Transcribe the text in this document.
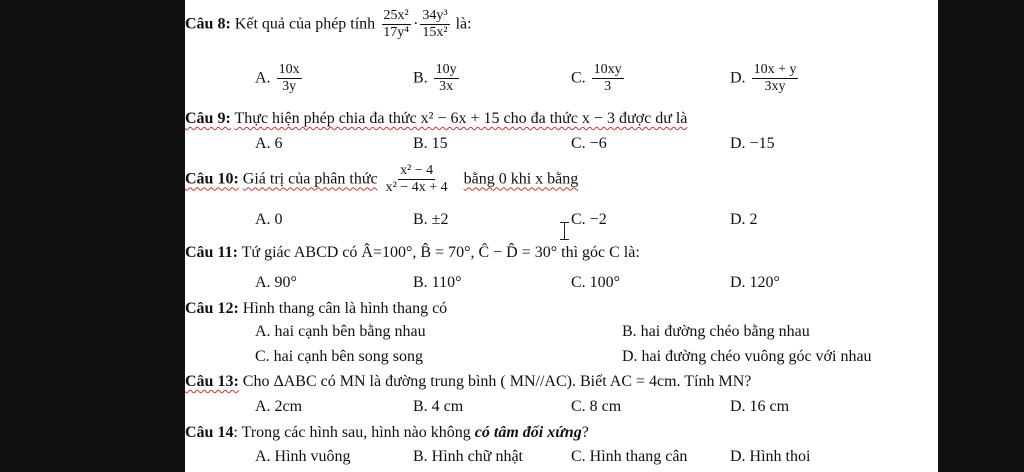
Câu 8: Kết quả của phép tính $\frac{\text{25x²}}{\text{17y⁴}} \cdot \frac{\text{34y³}}{\text{15x²}}$ là:
A. $\frac{10x}{3y}$	B. $\frac{10y}{3x}$	C. $\frac{10xy}{3}$	D. $\frac{10x + y}{3xy}$
Câu 9: Thực hiện phép chia đa thức x² − 6x + 15 cho đa thức x − 3 được dư là
A. 6	B. 15	C. −6	D. −15
Câu 10: Giá trị của phân thức $\frac{\text{x² − 4}}{\text{x² − 4x + 4}}$ bằng 0 khi x bằng
A. 0	B. ±2	C. −2	D. 2
Câu 11: Tứ giác ABCD có Â=100°, B̂ = 70°, Ĉ − D̂ = 30° thì góc C là:
A. 90°	B. 110°	C. 100°	D. 120°
Câu 12: Hình thang cân là hình thang có
A. hai cạnh bên bằng nhau	B. hai đường chéo bằng nhau
C. hai cạnh bên song song	D. hai đường chéo vuông góc với nhau
Câu 13: Cho ΔABC có MN là đường trung bình ( MN//AC). Biết AC = 4cm. Tính MN?
A. 2cm	B. 4 cm	C. 8 cm	D. 16 cm
Câu 14: Trong các hình sau, hình nào không có tâm đối xứng?
A. Hình vuông	B. Hình chữ nhật	C. Hình thang cân	D. Hình thoi
